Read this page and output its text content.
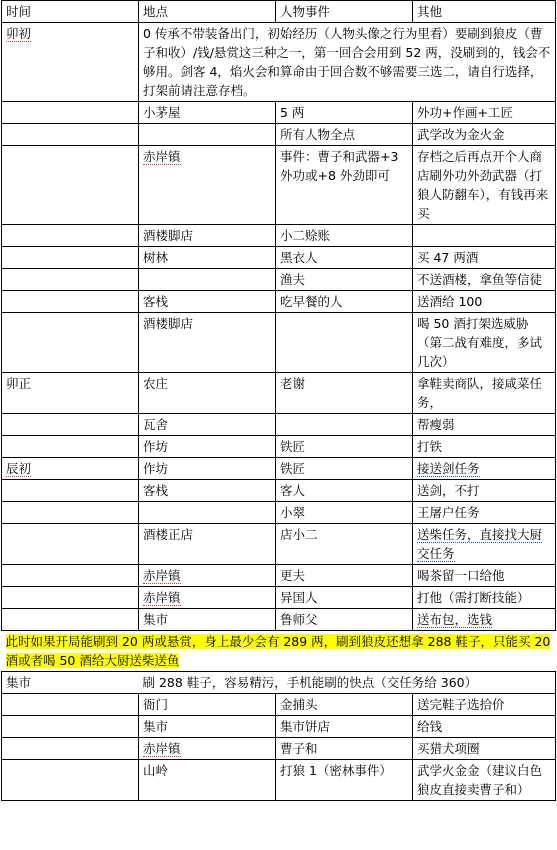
时间	地点	人物事件	其他
卯初	0 传承不带装备出门，初始经历（人物头像之行为里看）要刷到狼皮（曹子和收）/钱/悬赏这三种之一，第一回合会用到 52 两，没刷到的，钱会不够用。剑客 4，焰火会和算命由于回合数不够需要三选二，请自行选择，打架前请注意存档。		
	小茅屋	5 两	外功+作画+工匠
		所有人物全点	武学改为金火金
	赤岸镇	事件：曹子和武器+3 外功或+8 外劲即可	存档之后再点开个人商店刷外功外劲武器（打狼人防翻车），有钱再来买
	酒楼脚店	小二赊账	
	树林	黑衣人	买 47 两酒
		渔夫	不送酒楼，拿鱼等信徒
	客栈	吃早餐的人	送酒给 100
	酒楼脚店		喝 50 酒打架选威胁（第二战有难度，多试几次）
卯正	农庄	老谢	拿鞋卖商队，接咸菜任务，
	瓦舍		帮瘦弱
	作坊	铁匠	打铁
辰初	作坊	铁匠	接送剑任务
	客栈	客人	送剑，不打
		小翠	王屠户任务
	酒楼正店	店小二	送柴任务，直接找大厨交任务
	赤岸镇	更夫	喝茶留一口给他
	赤岸镇	异国人	打他（需打断技能）
	集市	鲁师父	送布包，选钱
此时如果开局能刷到 20 两或悬赏，身上最少会有 289 两，刷到狼皮还想拿 288 鞋子，只能买 20 酒或者喝 50 酒给大厨送柴送鱼			
集市	刷 288 鞋子，容易精污，手机能刷的快点（交任务给 360）		
	衙门	金捕头	送完鞋子选拾价
	集市	集市饼店	给钱
	赤岸镇	曹子和	买猎犬项圈
	山岭	打狼 1（密林事件）	武学火金金（建议白色狼皮直接卖曹子和）
